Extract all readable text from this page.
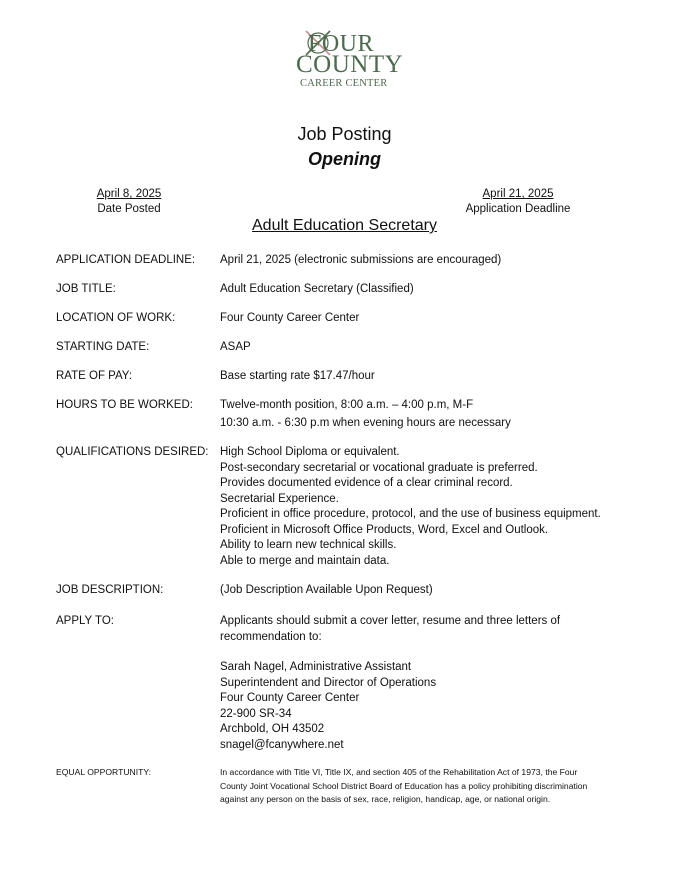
FOUR
COUNTY
CAREER CENTER
Job Posting
Opening
April 8, 2025
Date Posted
April 21, 2025
Application Deadline
Adult Education Secretary
APPLICATION DEADLINE:	April 21, 2025 (electronic submissions are encouraged)
JOB TITLE:	Adult Education Secretary (Classified)
LOCATION OF WORK:	Four County Career Center
STARTING DATE:	ASAP
RATE OF PAY:	Base starting rate $17.47/hour
HOURS TO BE WORKED:	Twelve-month position, 8:00 a.m. – 4:00 p.m, M-F
10:30 a.m. - 6:30 p.m when evening hours are necessary
QUALIFICATIONS DESIRED: High School Diploma or equivalent.
Post-secondary secretarial or vocational graduate is preferred.
Provides documented evidence of a clear criminal record.
Secretarial Experience.
Proficient in office procedure, protocol, and the use of business equipment.
Proficient in Microsoft Office Products, Word, Excel and Outlook.
Ability to learn new technical skills.
Able to merge and maintain data.
JOB DESCRIPTION:	(Job Description Available Upon Request)
APPLY TO:	Applicants should submit a cover letter, resume and three letters of
recommendation to:
Sarah Nagel, Administrative Assistant
Superintendent and Director of Operations
Four County Career Center
22-900 SR-34
Archbold, OH 43502
snagel@fcanywhere.net
EQUAL OPPORTUNITY:	In accordance with Title VI, Title IX, and section 405 of the Rehabilitation Act of 1973, the Four
County Joint Vocational School District Board of Education has a policy prohibiting discrimination
against any person on the basis of sex, race, religion, handicap, age, or national origin.
